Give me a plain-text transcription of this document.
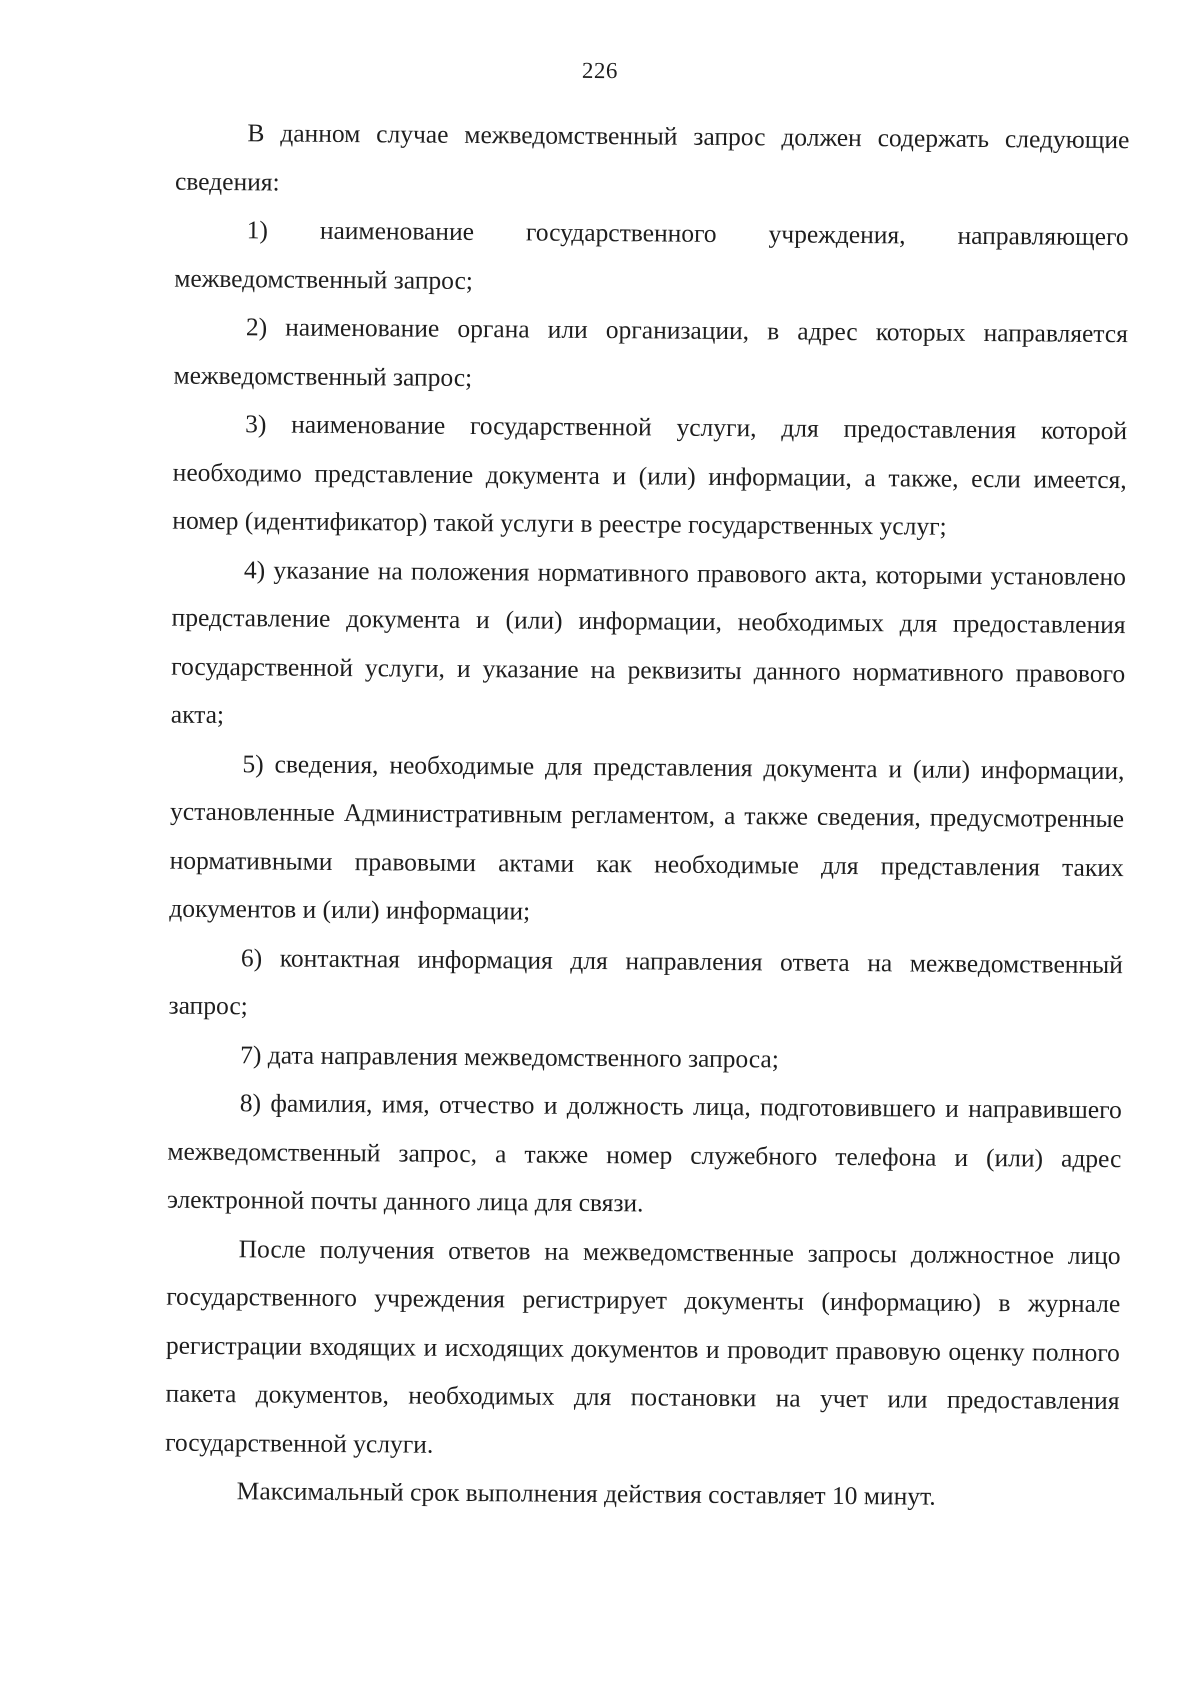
226

В данном случае межведомственный запрос должен содержать следующие сведения:

1) наименование государственного учреждения, направляющего межведомственный запрос;

2) наименование органа или организации, в адрес которых направляется межведомственный запрос;

3) наименование государственной услуги, для предоставления которой необходимо представление документа и (или) информации, а также, если имеется, номер (идентификатор) такой услуги в реестре государственных услуг;

4) указание на положения нормативного правового акта, которыми установлено представление документа и (или) информации, необходимых для предоставления государственной услуги, и указание на реквизиты данного нормативного правового акта;

5) сведения, необходимые для представления документа и (или) информации, установленные Административным регламентом, а также сведения, предусмотренные нормативными правовыми актами как необходимые для представления таких документов и (или) информации;

6) контактная информация для направления ответа на межведомственный запрос;

7) дата направления межведомственного запроса;

8) фамилия, имя, отчество и должность лица, подготовившего и направившего межведомственный запрос, а также номер служебного телефона и (или) адрес электронной почты данного лица для связи.

После получения ответов на межведомственные запросы должностное лицо государственного учреждения регистрирует документы (информацию) в журнале регистрации входящих и исходящих документов и проводит правовую оценку полного пакета документов, необходимых для постановки на учет или предоставления государственной услуги.

Максимальный срок выполнения действия составляет 10 минут.
